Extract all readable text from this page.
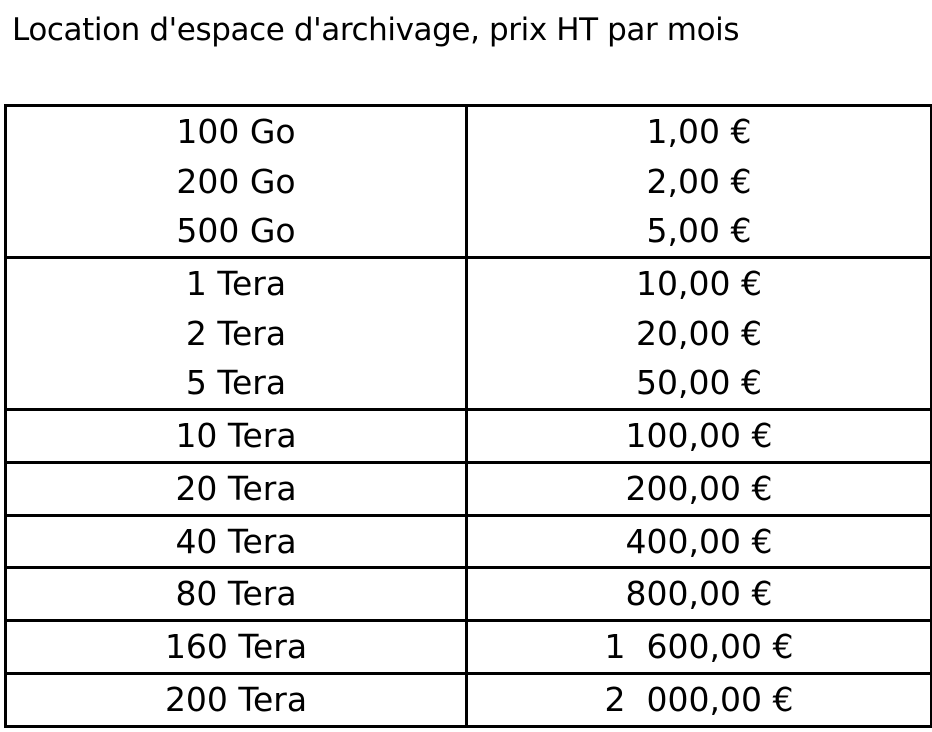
Location d'espace d'archivage, prix HT par mois
100 Go	1,00 €
200 Go	2,00 €
500 Go	5,00 €
1 Tera	10,00 €
2 Tera	20,00 €
5 Tera	50,00 €
10 Tera	100,00 €
20 Tera	200,00 €
40 Tera	400,00 €
80 Tera	800,00 €
160 Tera	1  600,00 €
200 Tera	2  000,00 €
